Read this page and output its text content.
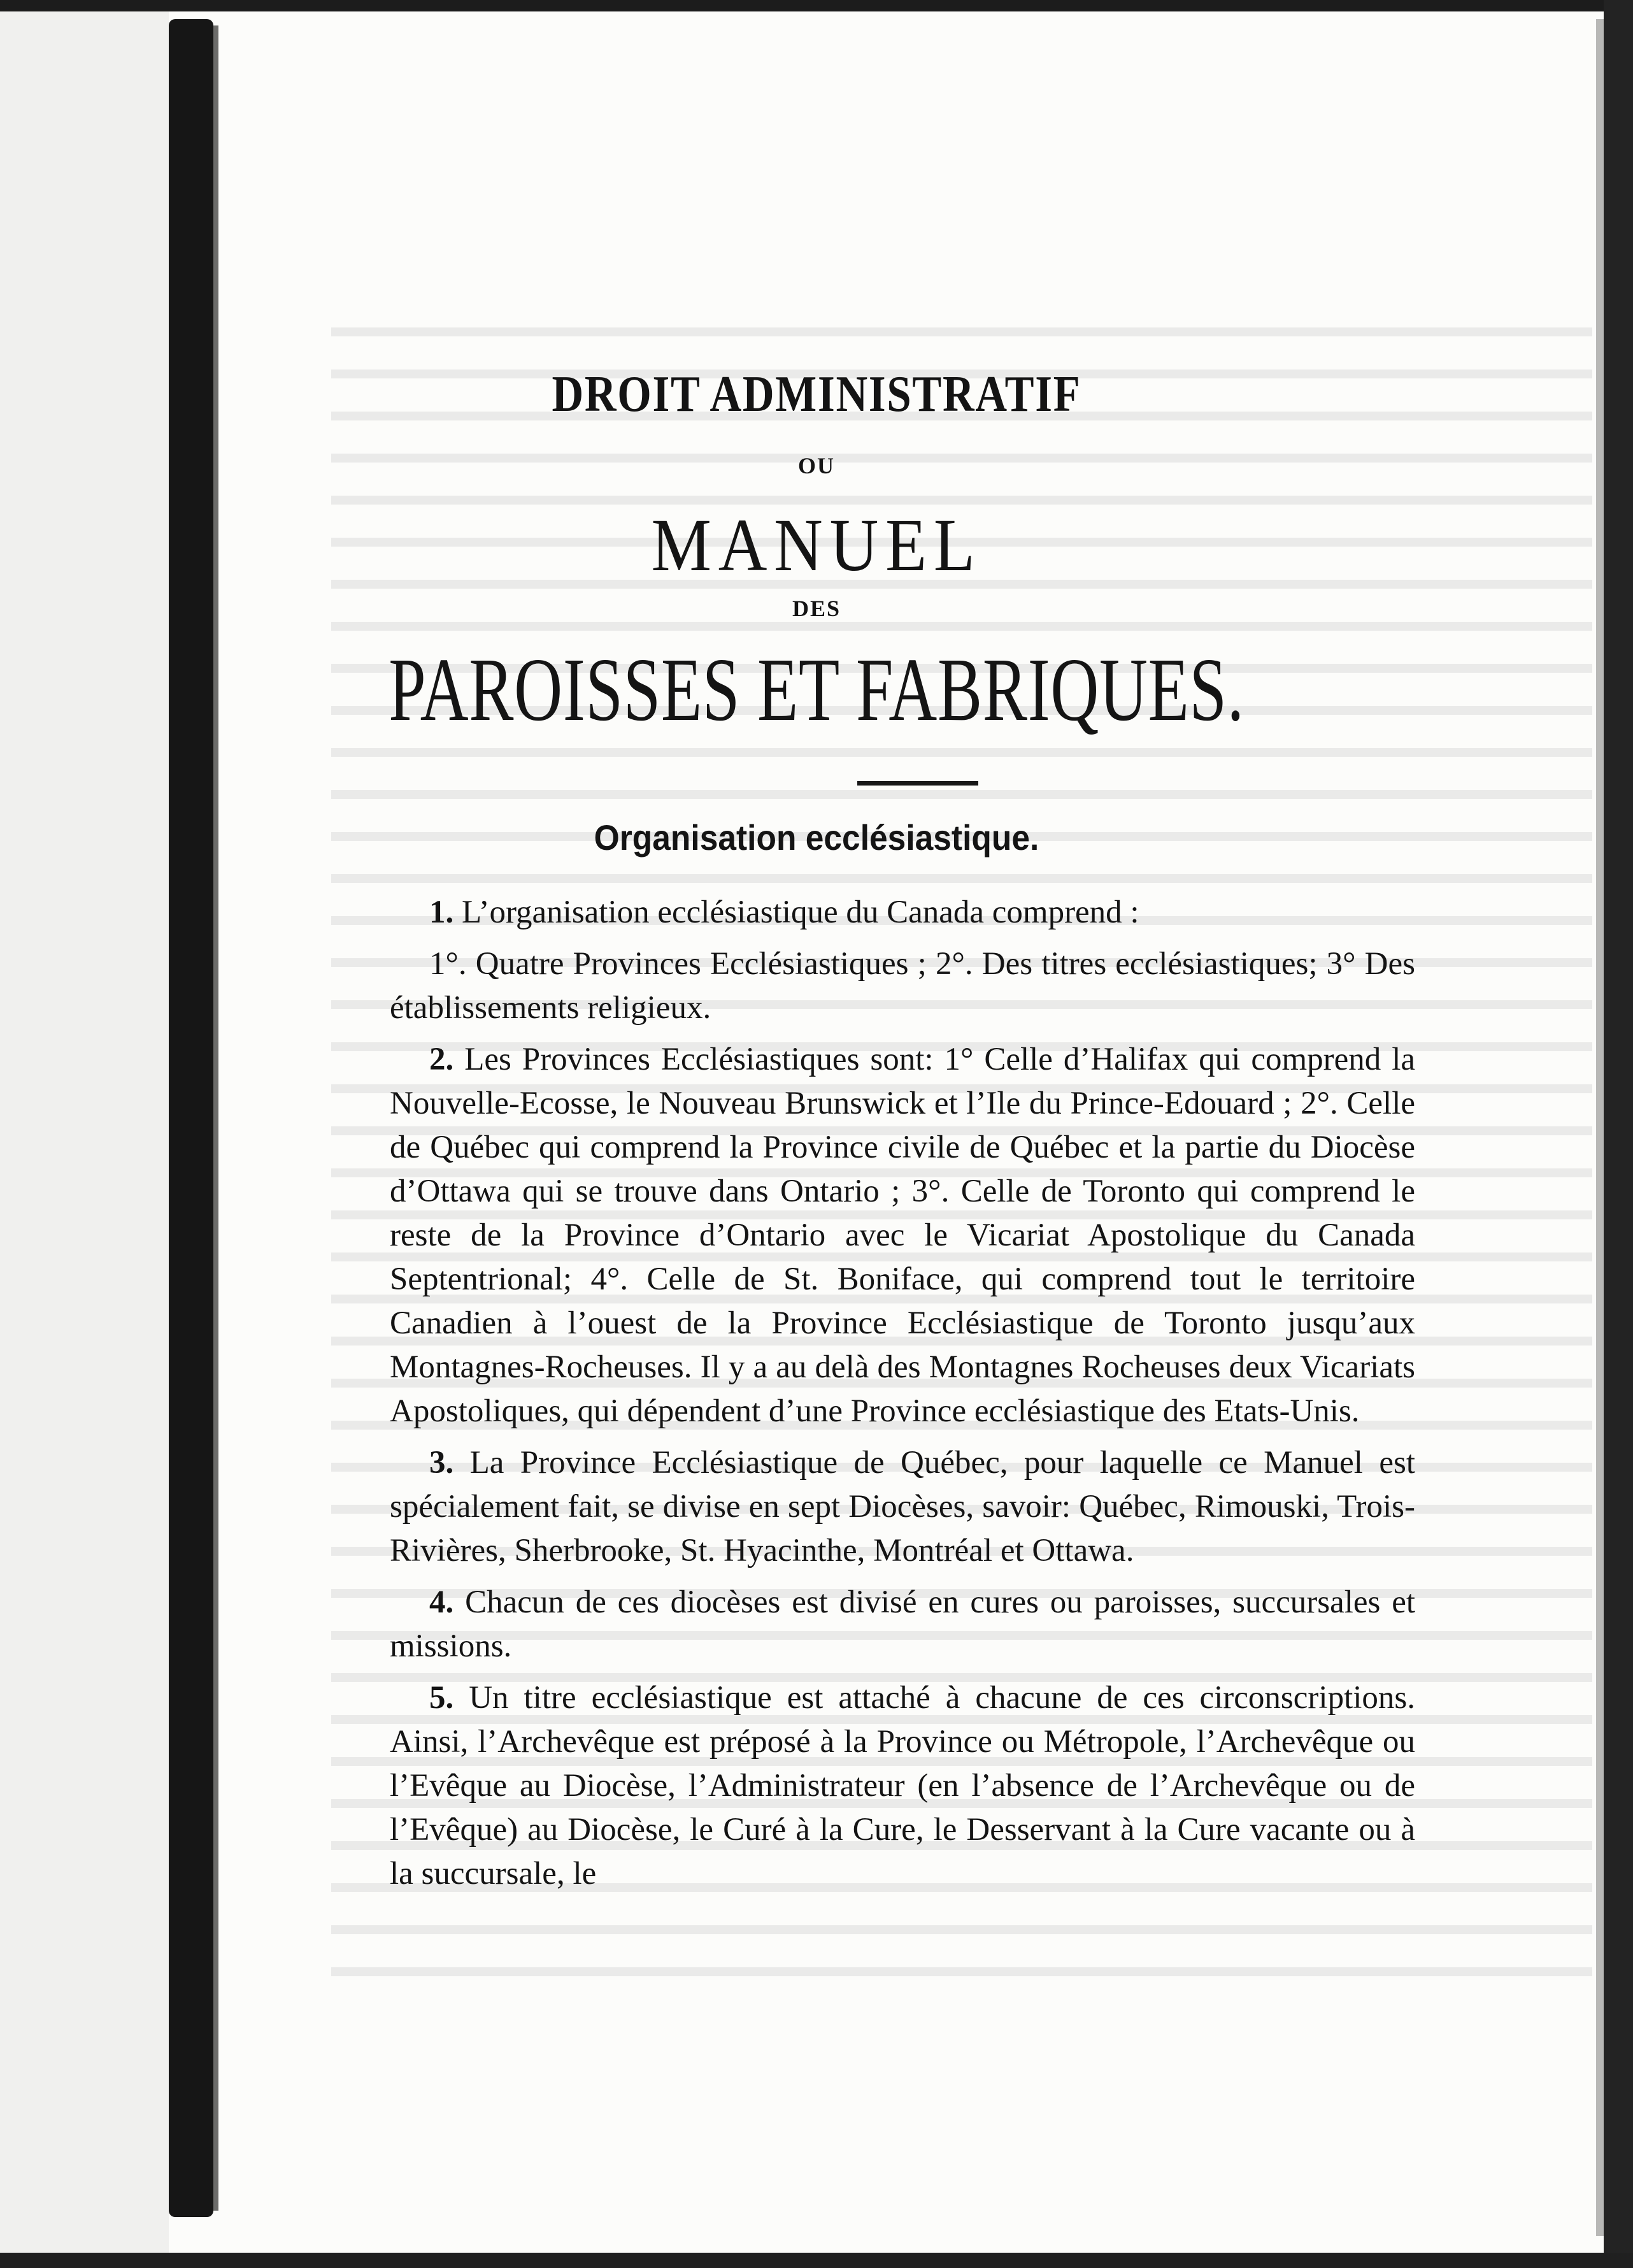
DROIT ADMINISTRATIF
OU
MANUEL
DES
PAROISSES ET FABRIQUES.
Organisation ecclésiastique.

1. L’organisation ecclésiastique du Canada comprend :

1°. Quatre Provinces Ecclésiastiques ; 2°. Des titres ecclésiastiques; 3° Des établissements religieux.

2. Les Provinces Ecclésiastiques sont: 1° Celle d’Halifax qui comprend la Nouvelle-Ecosse, le Nouveau Brunswick et l’Ile du Prince-Edouard ; 2°. Celle de Québec qui comprend la Province civile de Québec et la partie du Diocèse d’Ottawa qui se trouve dans Ontario ; 3°. Celle de Toronto qui comprend le reste de la Province d’Ontario avec le Vicariat Apostolique du Canada Septentrional; 4°. Celle de St. Boniface, qui comprend tout le territoire Canadien à l’ouest de la Province Ecclésiastique de Toronto jusqu’aux Montagnes-Rocheuses. Il y a au delà des Montagnes Rocheuses deux Vicariats Apostoliques, qui dépendent d’une Province ecclésiastique des Etats-Unis.

3. La Province Ecclésiastique de Québec, pour laquelle ce Manuel est spécialement fait, se divise en sept Diocèses, savoir: Québec, Rimouski, Trois-Rivières, Sherbrooke, St. Hyacinthe, Montréal et Ottawa.

4. Chacun de ces diocèses est divisé en cures ou paroisses, succursales et missions.

5. Un titre ecclésiastique est attaché à chacune de ces circonscriptions. Ainsi, l’Archevêque est préposé à la Province ou Métropole, l’Archevêque ou l’Evêque au Diocèse, l’Administrateur (en l’absence de l’Archevêque ou de l’Evêque) au Diocèse, le Curé à la Cure, le Desservant à la Cure vacante ou à la succursale, le
